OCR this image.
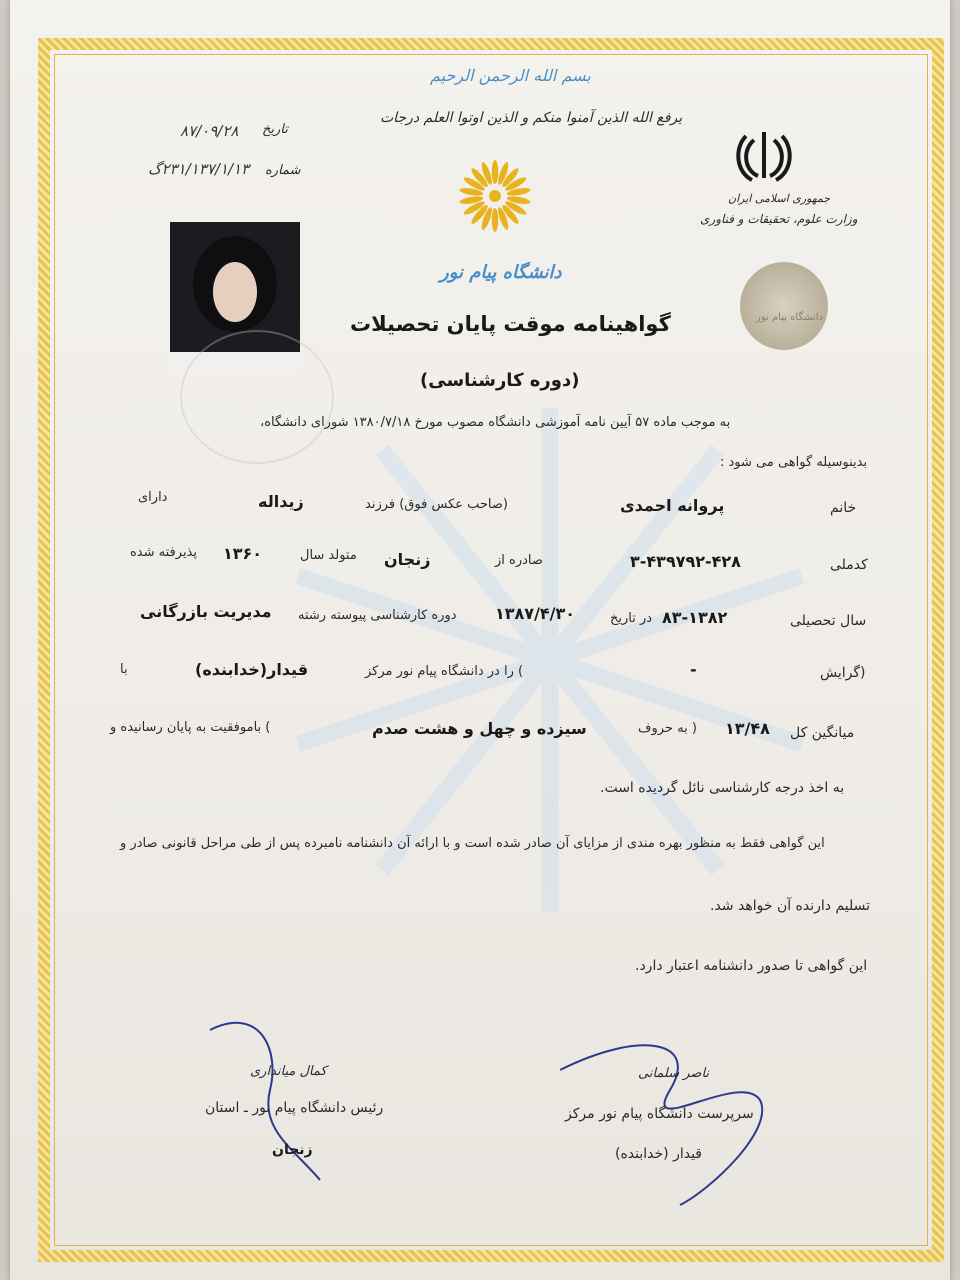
بسم الله الرحمن الرحیم
یرفع الله الذین آمنوا منکم و الذین اوتوا العلم درجات
۸۷/۰۹/۲۸ تاریخ
۲۳۱/۱۳۷/۱/۱۳گ شماره
دانشگاه پیام نور
جمهوری اسلامی ایران
وزارت علوم، تحقیقات و فناوری
دانشگاه پیام نور
گواهینامه موقت پایان تحصیلات
(دوره کارشناسی)
به موجب ماده ۵۷ آیین نامه آموزشی دانشگاه مصوب مورخ ۱۳۸۰/۷/۱۸ شورای دانشگاه،
بدینوسیله گواهی می شود :
خانم
پروانه احمدی
(صاحب عکس فوق) فرزند
زیداله
دارای
کدملی
۳-۴۳۹۷۹۲-۴۲۸
صادره از
زنجان
متولد سال
۱۳۶۰
پذیرفته شده
سال تحصیلی
۸۳-۱۳۸۲
در تاریخ
۱۳۸۷/۴/۳۰
دوره کارشناسی پیوسته رشته
مدیریت بازرگانی
(گرایش
-
) را در دانشگاه پیام نور مرکز
قیدار(خدابنده)
با
میانگین کل
۱۳/۴۸
( به حروف
سیزده و چهل و هشت صدم
) باموفقیت به پایان رسانیده و
به اخذ درجه کارشناسی نائل گردیده است.
این گواهی فقط به منظور بهره مندی از مزایای آن صادر شده است و با ارائه آن دانشنامه نامبرده پس از طی مراحل قانونی صادر و
تسلیم دارنده آن خواهد شد.
این گواهی تا صدور دانشنامه اعتبار دارد.
کمال میانداری
رئیس دانشگاه پیام نور ـ استان
زنجان
ناصر سلمانی
سرپرست دانشگاه پیام نور مرکز
قیدار (خدابنده)
